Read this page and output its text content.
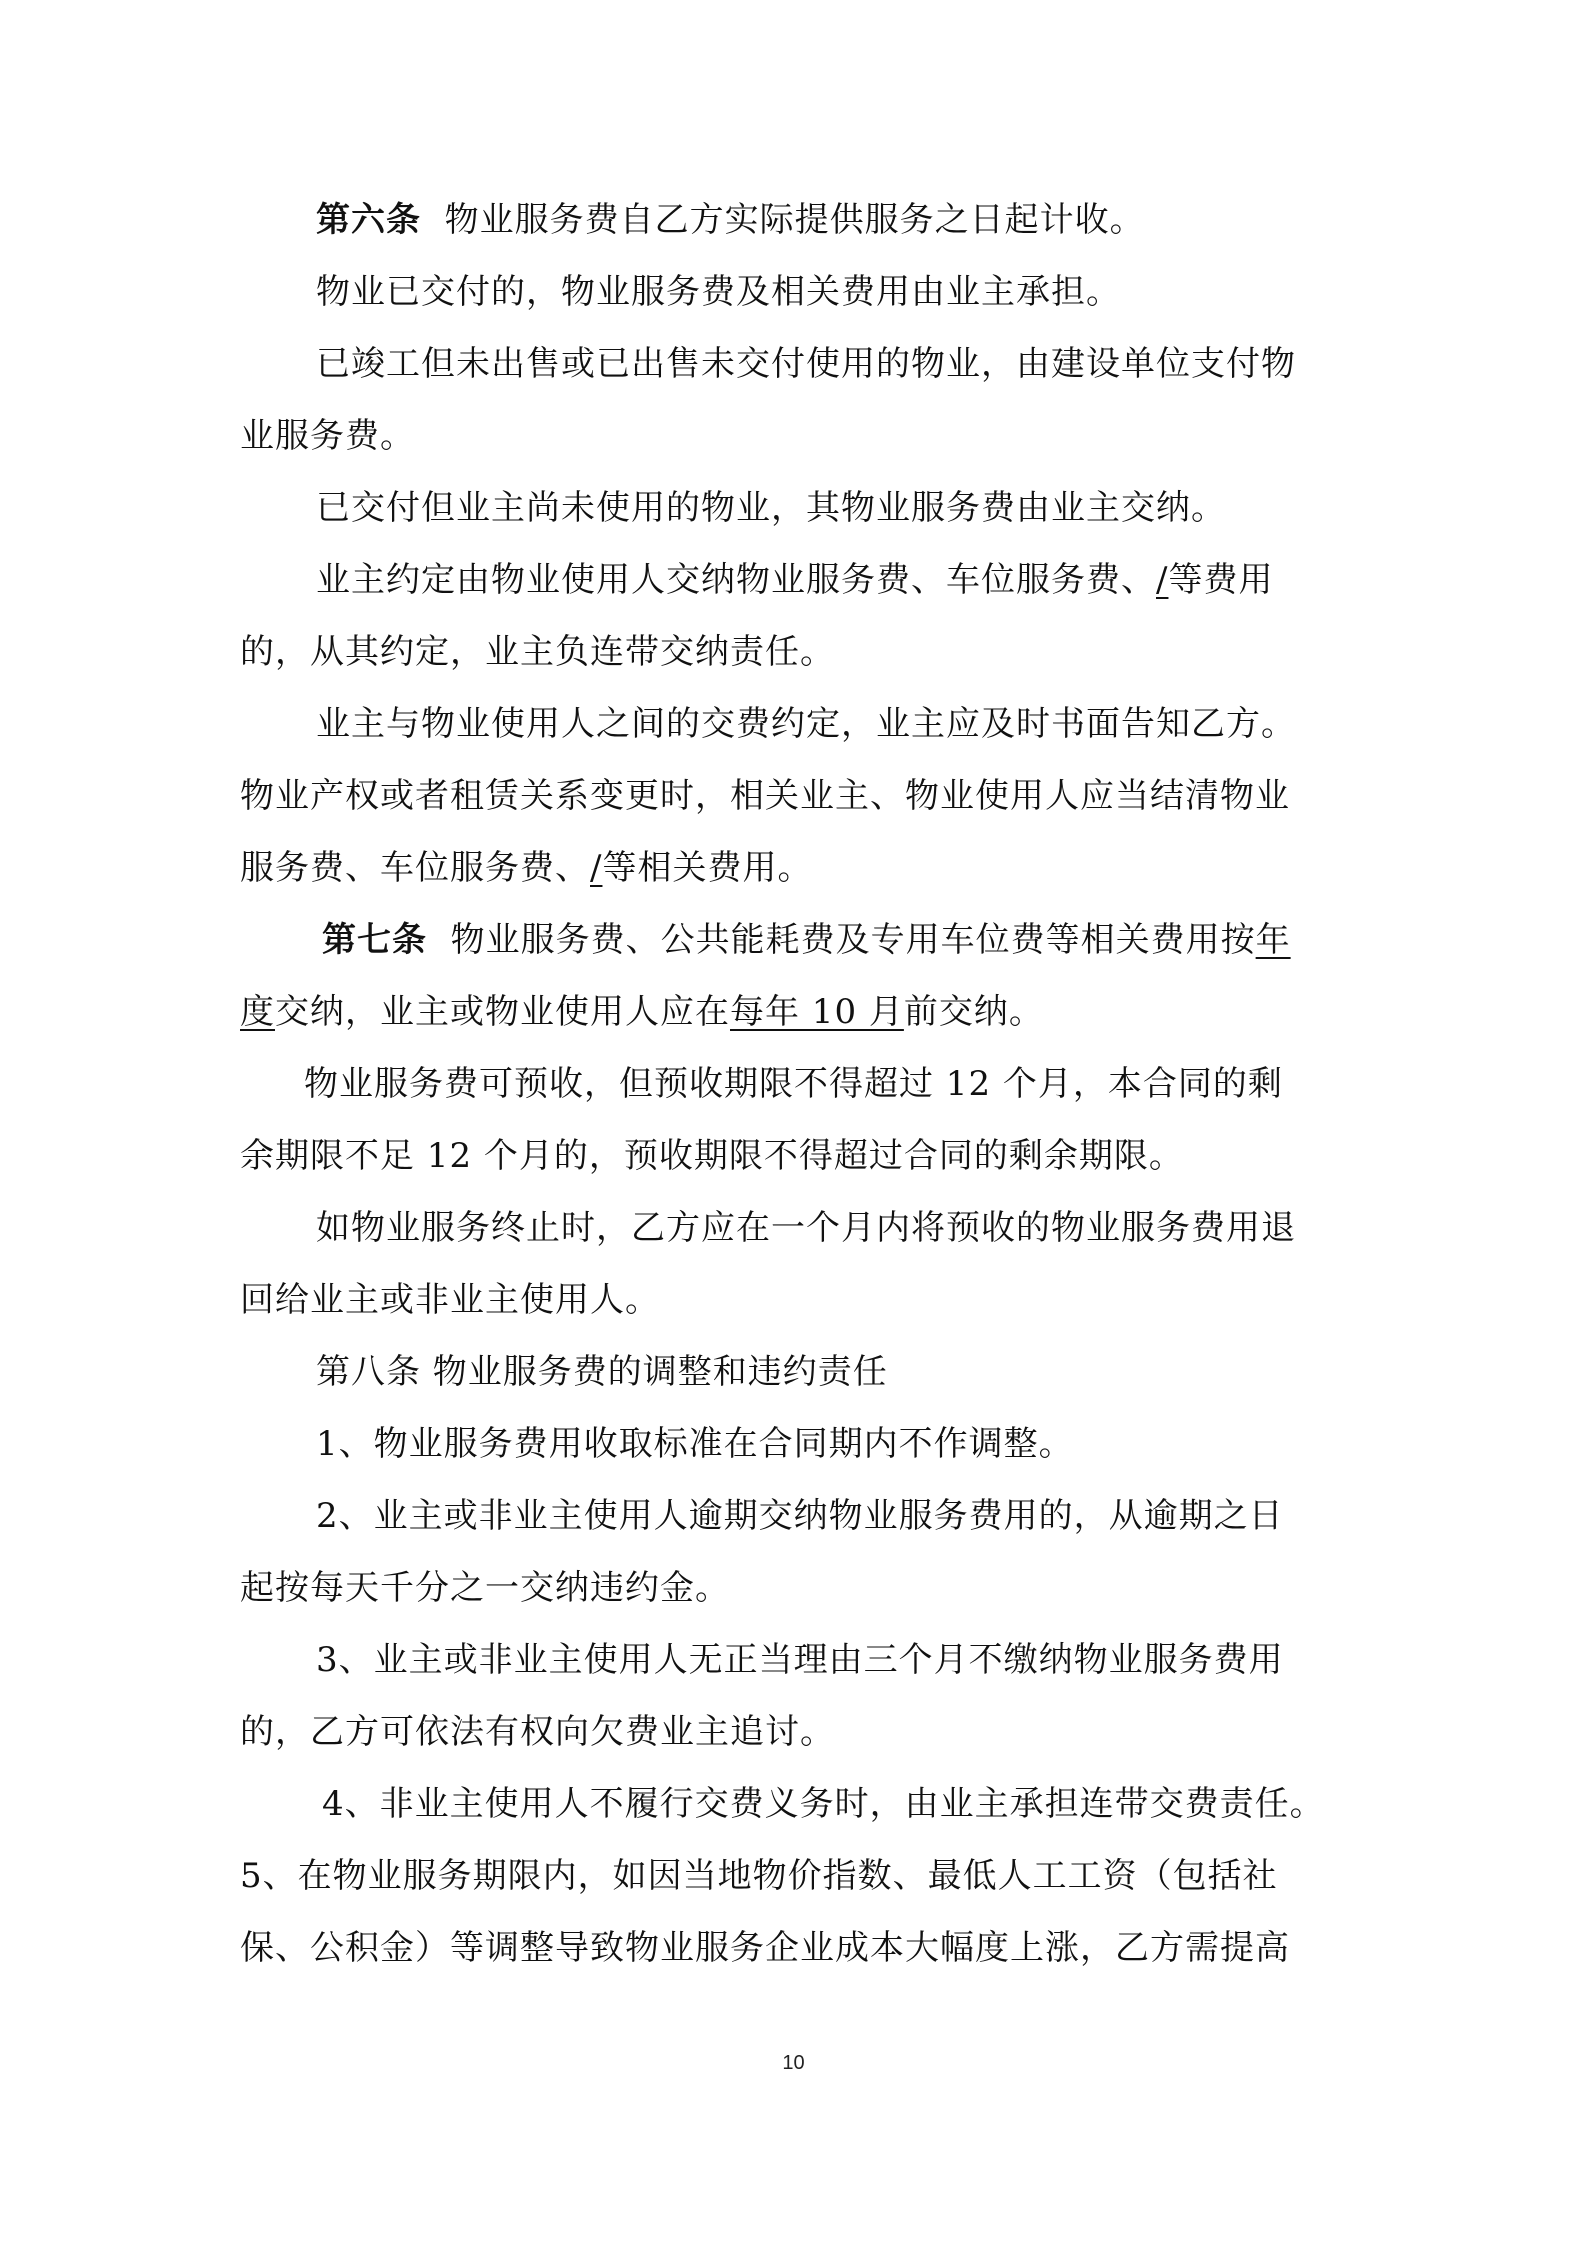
第六条 物业服务费自乙方实际提供服务之日起计收。
物业已交付的，物业服务费及相关费用由业主承担。
已竣工但未出售或已出售未交付使用的物业，由建设单位支付物
业服务费。
已交付但业主尚未使用的物业，其物业服务费由业主交纳。
业主约定由物业使用人交纳物业服务费、车位服务费、/等费用
的，从其约定，业主负连带交纳责任。
业主与物业使用人之间的交费约定，业主应及时书面告知乙方。
物业产权或者租赁关系变更时，相关业主、物业使用人应当结清物业
服务费、车位服务费、/等相关费用。
第七条 物业服务费、公共能耗费及专用车位费等相关费用按年
度交纳，业主或物业使用人应在每年 10 月前交纳。
物业服务费可预收，但预收期限不得超过 12 个月，本合同的剩
余期限不足 12 个月的，预收期限不得超过合同的剩余期限。
如物业服务终止时，乙方应在一个月内将预收的物业服务费用退
回给业主或非业主使用人。
第八条 物业服务费的调整和违约责任
1、物业服务费用收取标准在合同期内不作调整。
2、业主或非业主使用人逾期交纳物业服务费用的，从逾期之日
起按每天千分之一交纳违约金。
3、业主或非业主使用人无正当理由三个月不缴纳物业服务费用
的，乙方可依法有权向欠费业主追讨。
4、非业主使用人不履行交费义务时，由业主承担连带交费责任。
5、在物业服务期限内，如因当地物价指数、最低人工工资（包括社
保、公积金）等调整导致物业服务企业成本大幅度上涨，乙方需提高
10
